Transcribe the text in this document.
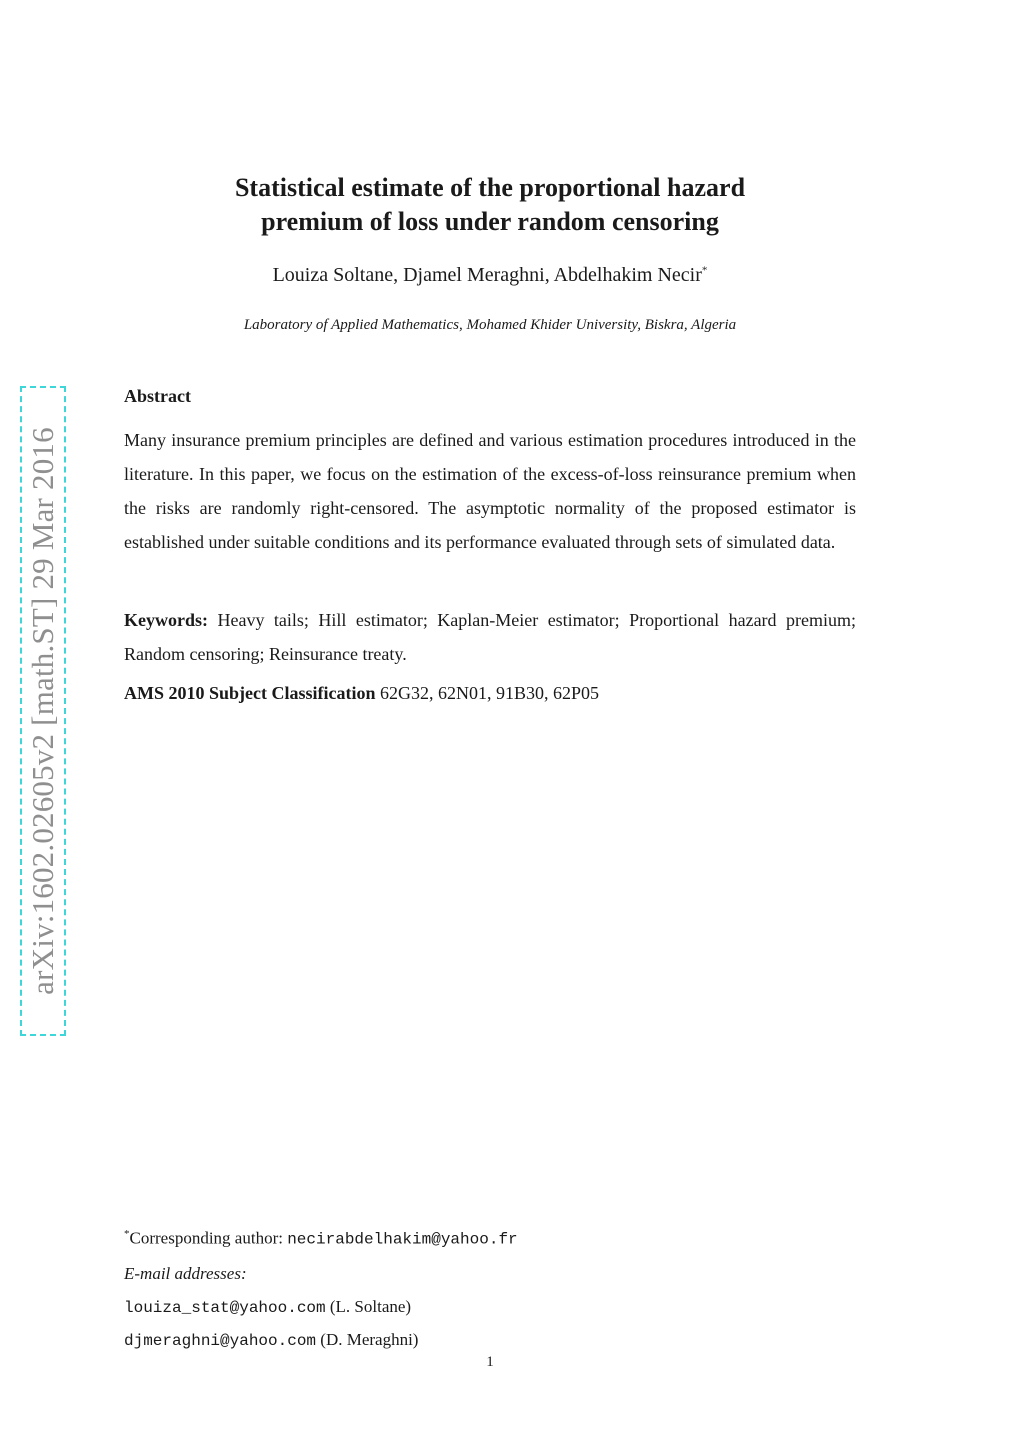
arXiv:1602.02605v2 [math.ST] 29 Mar 2016
Statistical estimate of the proportional hazard
premium of loss under random censoring
Louiza Soltane, Djamel Meraghni, Abdelhakim Necir*
Laboratory of Applied Mathematics, Mohamed Khider University, Biskra, Algeria
Abstract
Many insurance premium principles are defined and various estimation procedures introduced in the literature. In this paper, we focus on the estimation of the excess-of-loss reinsurance premium when the risks are randomly right-censored. The asymptotic normality of the proposed estimator is established under suitable conditions and its performance evaluated through sets of simulated data.
Keywords: Heavy tails; Hill estimator; Kaplan-Meier estimator; Proportional hazard premium; Random censoring; Reinsurance treaty.
AMS 2010 Subject Classification 62G32, 62N01, 91B30, 62P05
*Corresponding author: necirabdelhakim@yahoo.fr
E-mail addresses:
louiza_stat@yahoo.com (L. Soltane)
djmeraghni@yahoo.com (D. Meraghni)
1
